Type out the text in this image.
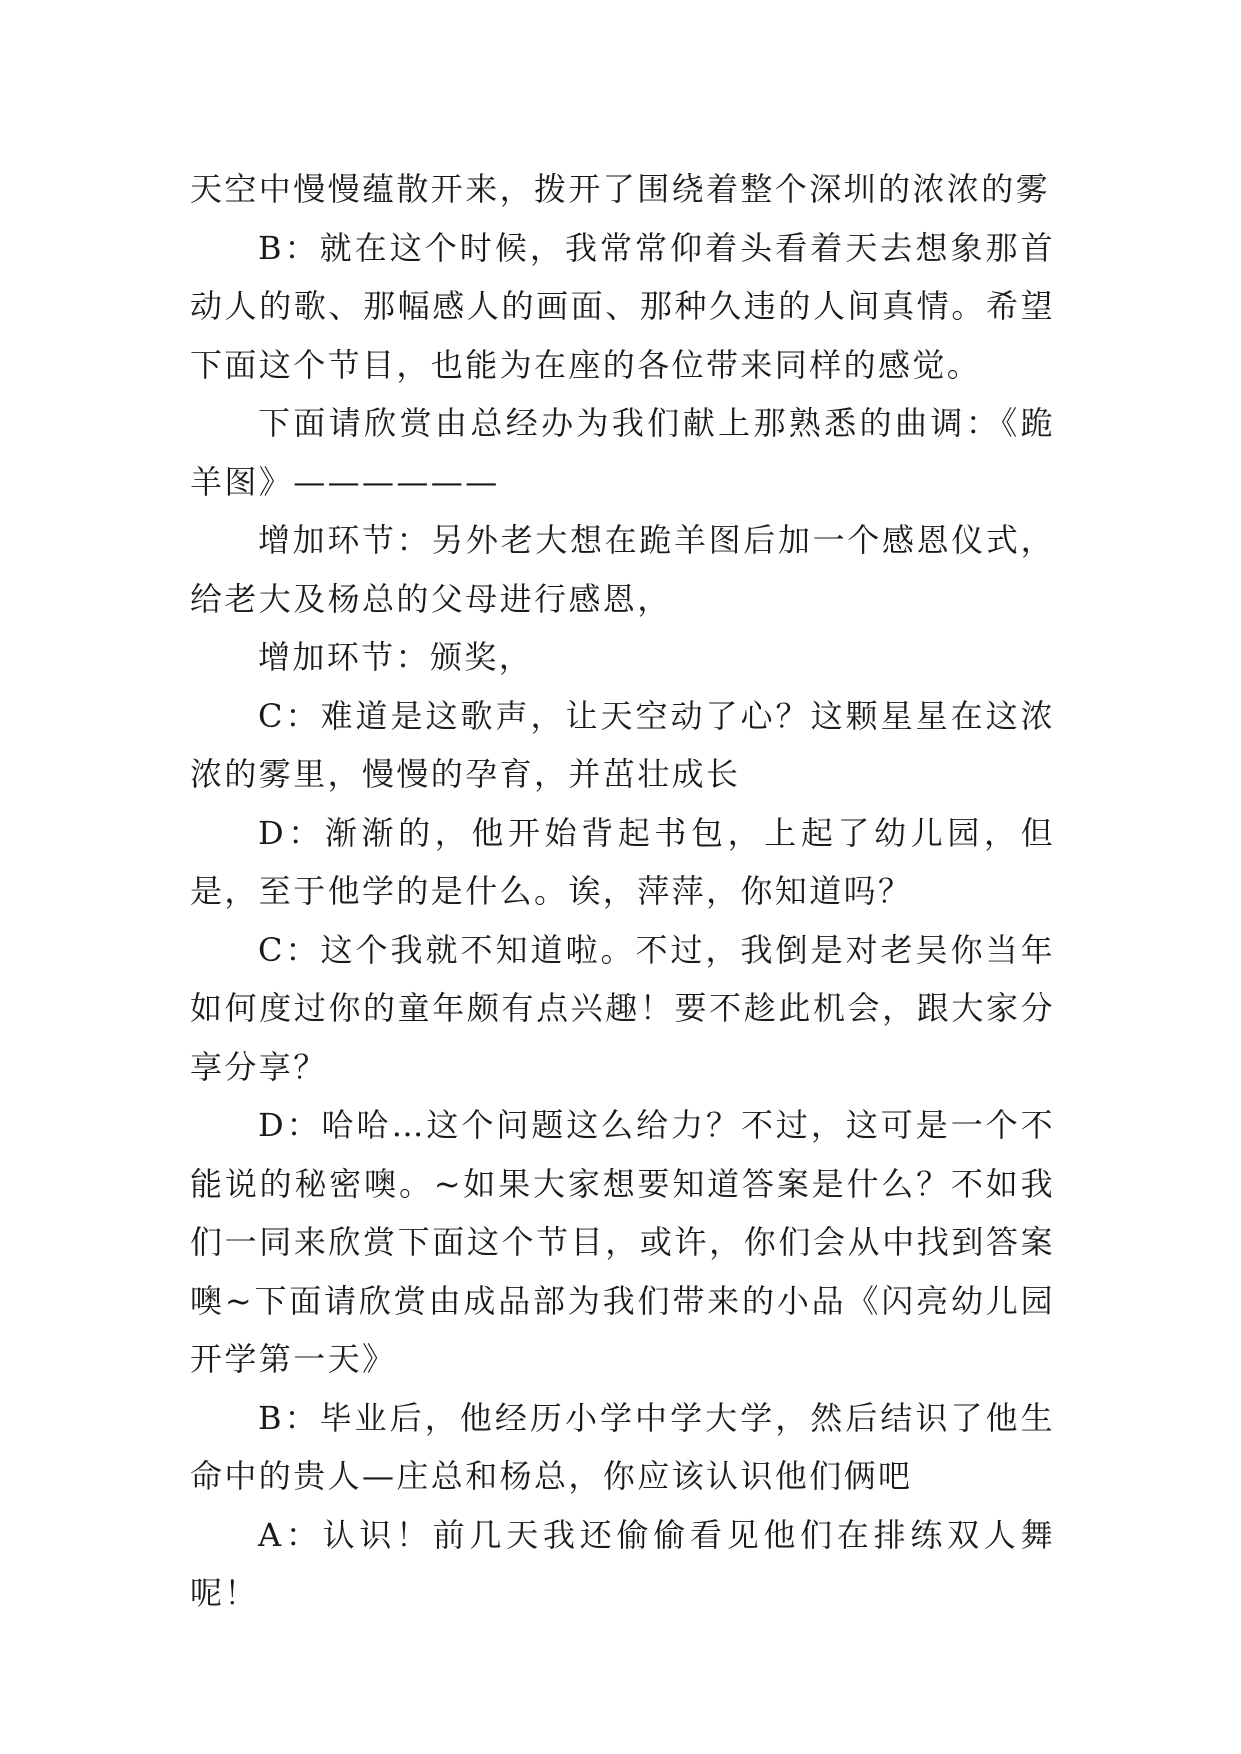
天空中慢慢蕴散开来，拨开了围绕着整个深圳的浓浓的雾

B：就在这个时候，我常常仰着头看着天去想象那首动人的歌、那幅感人的画面、那种久违的人间真情。希望下面这个节目，也能为在座的各位带来同样的感觉。

下面请欣赏由总经办为我们献上那熟悉的曲调：《跪羊图》——————

增加环节：另外老大想在跪羊图后加一个感恩仪式，给老大及杨总的父母进行感恩，

增加环节：颁奖，

C：难道是这歌声，让天空动了心？这颗星星在这浓浓的雾里，慢慢的孕育，并茁壮成长

D：渐渐的，他开始背起书包，上起了幼儿园，但是，至于他学的是什么。诶，萍萍，你知道吗？

C：这个我就不知道啦。不过，我倒是对老吴你当年如何度过你的童年颇有点兴趣！要不趁此机会，跟大家分享分享？

D：哈哈…这个问题这么给力？不过，这可是一个不能说的秘密噢。~如果大家想要知道答案是什么？不如我们一同来欣赏下面这个节目，或许，你们会从中找到答案噢~下面请欣赏由成品部为我们带来的小品《闪亮幼儿园开学第一天》

B：毕业后，他经历小学中学大学，然后结识了他生命中的贵人—庄总和杨总，你应该认识他们俩吧

A：认识！前几天我还偷偷看见他们在排练双人舞呢！
